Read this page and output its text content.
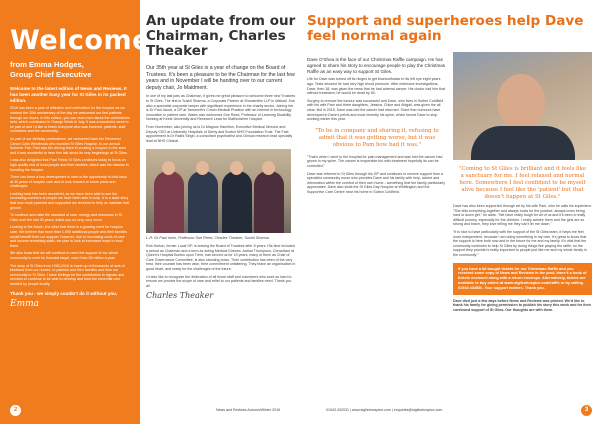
Welcome
from Emma Hodges,
Group Chief Executive

Welcome to the latest edition of News and Reviews. It has been another busy year for St Giles in its packed edition.

2016 has been a year of reflection and celebration for the hospice as we marked the 30th anniversary of the day we welcomed our first patients through our doors. In this edition, you can read more about the celebrations held, which culminated in Orange Week in July. It was a wonderful week to be part of and I'd like to thank everyone who was involved, patients, staff, volunteers and the community.

As part of our birthday celebrations, we welcomed back the Reverend Canon Colin Westbrook who founded St Giles Hospice, to our annual Summer Fair. Paul was the driving force in creating a hospice in the area and it was wonderful to hear him talk about its very beginnings at St Giles.

I was also delighted that Paul Fields St Giles continues today to focus on high quality end of local people and their families, which was his mission in founding the hospice.

There has been a key development in care in the opportunity to look back at 30 years of hospice care and to look forward to future plans and challenges.

Looking back has been wonderful, as we have been able to see the increasing numbers of people we have been able to help. It is a stark story that how much planned and supported we received in help us maintain that growth.

To continue and raise the standard of care, energy and resources in St Giles over the last 30 years, thank you so very, very much.

Looking to the future, it is clear that there is a growing need for hospice care. We believe that more than 1,000 additional people and their families would benefit from our support, however, due to increasing costs of care and income remaining static, we plan to look at increased ways to fund them.

We also know that we will continue to need the support of our whole community to meet its financial target, more than £8 million a year.

The story of St Giles from 1983-2016 is made up of thousands of acts of kindness from our nurses, to patients and their families and from our community to St Giles. I have feelings for the contribution to signals and services to continue to be able to develop and fund the essential care needed by people locally.

Thank you - we simply couldn't do it without you.

Emma
2
An update from our Chairman, Charles Theaker

Our 35th year at St Giles is a year of change on the Board of Trustees. It's been a pleasure to be the Chairman for the last few years and in November I will be handing over to our current deputy chair, Jo Maidment.

In one of my last jobs as Chairman, it gives me great pleasure to welcome three new Trustees to St Giles. The first is Sushil Sharma, a Corporate Partner at Shoosmiths LLP in Walsall. Sue also a specialist corporate lawyer with significant experience in the charity sector. Joining her is Dr Paul Jacob, a GP at Tamworth's Crown Medical Practice with an interest in technology innovation in patient care. Wales also welcomes Sue Reed, Professor of Learning Disability Nursing at Keele University and Research Lead for Staffordshire Hospice.

From November, also joining us is Dr Magnus Hamilton, Executive Medical Director and Deputy CEO at University Hospitals of Derby and Burton NHS Foundation Trust. The Fast appointment is Dr Rakhi Singh, a consultant psychiatrist and Clinical research lead specialty lead at NHS Clinical.

L-R: Dr Paul Irwin, Professor Sue Reed, Charles Theaker, Sushil Sharma

Rob Horton, former Local GP, is leaving the Board of Trustees after 8 years. His time included a period as Chairman and a term as acting Medical Director. Adrian Thompson, Consultant at Queen's Hospital Burton upon Trent, has served us for 10 years, many of them as Chair of Care Governance Committee, is also standing down. Their contribution has been of the very best, their counsel has been wise, their commitment unfaltering. They leave an organisation in good heart, and ready for the challenges of the future.

I'd also like to recognise the dedication of all those staff and volunteers who work so hard to ensure we provide the scope of care and relief to our patients and families need. Thank you all.

Charles Theaker
Support and superheroes help Dave feel normal again

Dave O'Shea is the face of our Christmas Raffle campaign. He has agreed to share his story to encourage people to play the Christmas Raffle as an easy way to support St Giles.

Life for Dave was turned off its hinges to get bluetoothdata in his left eye eight years ago. Tests showed he had very high blood pressure. After extensive investigations, Dave, then 38, was given the news that he had adrenal cancer. His doctor told him that without treatment, he would be dead by 50.

Surgery to remove the tumour was successful and Dave, who lives in Sutton Coldfield with his wife Pam and three daughters, Jessica, Chloe and Abigail, was given the all clear. But in 2015, Dave was told the cancer had returned. Since then tumours have developed in Dave's pelvis and most recently his spine, which forced Dave to stop working earlier this year.

"To be in company and sharing it, refusing to admit that it was getting worse, but it was obvious to Pam how bad it was."

"That's when I went to the hospital for pain management and was told the cancer had grown in my spine. The cancer is inoperable but with treatment hopefully its can be controlled."

Dave was referred to St Giles through his GP and continues to receive support from a specialist community nurse who provides Dave and his family with help, advice and information within the comfort of their own home - something that the family particularly appreciates. Dave also visits the St Giles Day Hospice at Whittington and the Supportive Care Centre near his home in Sutton Coldfield.

"Coming to St Giles is brilliant and it feels like a sanctuary for me. I feel relaxed and normal here. Somewhere I feel confident to be myself alive because I feel like the 'patient' but that doesn't happen at St Giles."

Dave has also been supported through art by his wife Pam, who he calls his superhero. "She tells everything together and always looks for the positive, always loves being hard to down get," he adds. "We have really tough for all of us and it's been a really difficult journey, especially for the children. I really admire them and the girls are so strong and brave, they love telling me they can't let me down."

"It is nice to have particularly with the support of the St Giles team, it helps me feel more independent, because I am doing something in my own. It's great to know that the support is here both now and in the future for me and my family. It's vital that the community continues to help St Giles by doing things like playing the raffle, so the support they provide is really important to people just like me and my whole family in the community."

If you have a kit bought tickets for our Christmas Raffle and you received some copy of News and Reviews in the post, there's a book of tickets enclosed along with a return envelope. Alternatively, tickets are available to buy online at www.stgileshospice.com/raffle or by calling 01543 434536. Your support matters. Thank you.

Dave died just a few days before News and Reviews was printed. We'd like to thank his family for giving permission to publish his story this week and for their continued support of St Giles. Our thoughts are with them.

News and Reviews Autumn/Winter 2016	01543 432031 | www.stgileshospice.com | enquiries@stgileshospice.com	3
